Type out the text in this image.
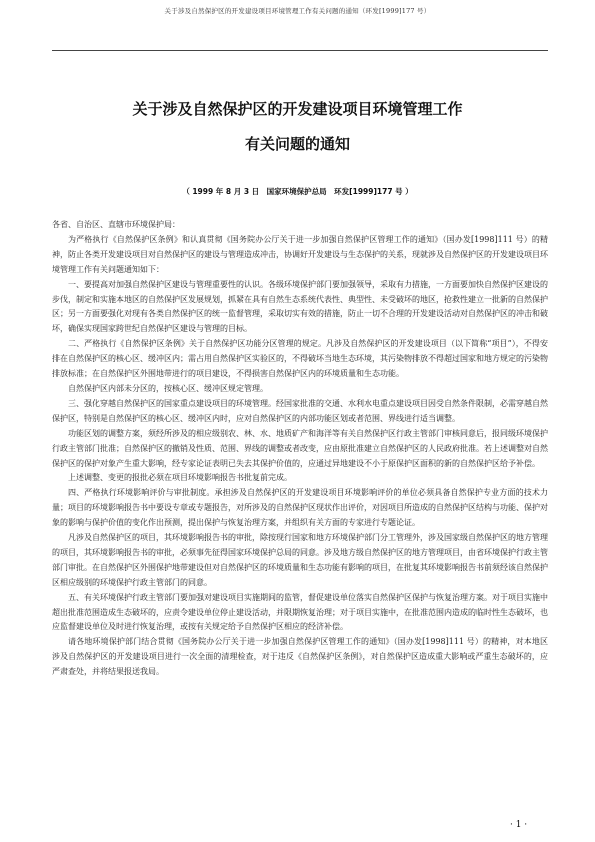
关于涉及自然保护区的开发建设项目环境管理工作有关问题的通知（环发[1999]177 号）
关于涉及自然保护区的开发建设项目环境管理工作
有关问题的通知
（ 1999 年 8 月 3 日　国家环境保护总局　环发[1999]177 号 ）

各省、自治区、直辖市环境保护局：

为严格执行《自然保护区条例》和认真贯彻《国务院办公厅关于进一步加强自然保护区管理工作的通知》（国办发[1998]111 号）的精神，防止各类开发建设项目对自然保护区的建设与管理造成冲击，协调好开发建设与生态保护的关系，现就涉及自然保护区的开发建设项目环境管理工作有关问题通知如下：

一、要提高对加强自然保护区建设与管理重要性的认识。各级环境保护部门要加强领导，采取有力措施，一方面要加快自然保护区建设的步伐，制定和实施本地区的自然保护区发展规划，抓紧在具有自然生态系统代表性、典型性、未受破坏的地区，抢救性建立一批新的自然保护区；另一方面要强化对现有各类自然保护区的统一监督管理，采取切实有效的措施，防止一切不合理的开发建设活动对自然保护区的冲击和破坏，确保实现国家跨世纪自然保护区建设与管理的目标。

二、严格执行《自然保护区条例》关于自然保护区功能分区管理的规定。凡涉及自然保护区的开发建设项目（以下简称“项目”），不得安排在自然保护区的核心区、缓冲区内；需占用自然保护区实验区的，不得破坏当地生态环境，其污染物排放不得超过国家和地方规定的污染物排放标准；在自然保护区外围地带进行的项目建设，不得损害自然保护区内的环境质量和生态功能。

自然保护区内部未分区的，按核心区、缓冲区规定管理。

三、强化穿越自然保护区的国家重点建设项目的环境管理。经国家批准的交通、水利水电重点建设项目因受自然条件限制，必需穿越自然保护区，特别是自然保护区的核心区、缓冲区内时，应对自然保护区的内部功能区划或者范围、界线进行适当调整。

功能区划的调整方案，须经所涉及的相应级别农、林、水、地质矿产和海洋等有关自然保护区行政主管部门审核同意后，报同级环境保护行政主管部门批准；自然保护区的撤销及性质、范围、界线的调整或者改变，应由原批准建立自然保护区的人民政府批准。若上述调整对自然保护区的保护对象产生重大影响，经专家论证表明已失去其保护价值的，应通过异地建设不小于原保护区面积的新的自然保护区给予补偿。

上述调整、变更的报批必须在项目环境影响报告书批复前完成。

四、严格执行环境影响评价与审批制度。承担涉及自然保护区的开发建设项目环境影响评价的单位必须具备自然保护专业方面的技术力量；项目的环境影响报告书中要设专章或专题报告，对所涉及的自然保护区现状作出评价，对因项目所造成的自然保护区结构与功能、保护对象的影响与保护价值的变化作出预测，提出保护与恢复治理方案，并组织有关方面的专家进行专题论证。

凡涉及自然保护区的项目，其环境影响报告书的审批，除按现行国家和地方环境保护部门分工管理外，涉及国家级自然保护区的地方管理的项目，其环境影响报告书的审批，必须事先征得国家环境保护总局的同意。涉及地方级自然保护区的地方管理项目，由省环境保护行政主管部门审批。在自然保护区外围保护地带建设但对自然保护区的环境质量和生态功能有影响的项目，在批复其环境影响报告书前须经该自然保护区相应级别的环境保护行政主管部门的同意。

五、有关环境保护行政主管部门要加强对建设项目实施期间的监管，督促建设单位落实自然保护区保护与恢复治理方案。对于项目实施中超出批准范围造成生态破坏的，应责令建设单位停止建设活动，并限期恢复治理；对于项目实施中，在批准范围内造成的临时性生态破坏，也应监督建设单位及时进行恢复治理，或按有关规定给予自然保护区相应的经济补偿。

请各地环境保护部门结合贯彻《国务院办公厅关于进一步加强自然保护区管理工作的通知》（国办发[1998]111 号）的精神，对本地区涉及自然保护区的开发建设项目进行一次全面的清理检查，对于违反《自然保护区条例》，对自然保护区造成重大影响或严重生态破坏的，应严肃查处，并将结果报送我局。

· 1 ·
